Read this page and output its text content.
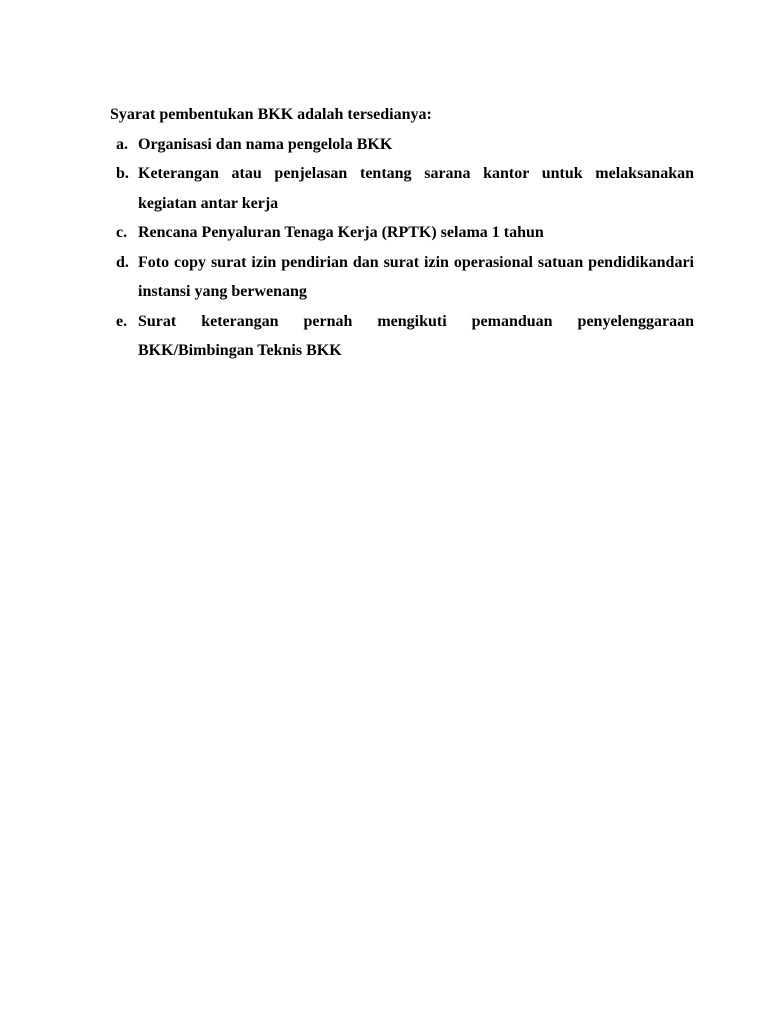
Syarat pembentukan BKK adalah tersedianya:

a. Organisasi dan nama pengelola BKK
b. Keterangan atau penjelasan tentang sarana kantor untuk melaksanakan kegiatan antar kerja
c. Rencana Penyaluran Tenaga Kerja (RPTK) selama 1 tahun
d. Foto copy surat izin pendirian dan surat izin operasional satuan pendidikandari instansi yang berwenang
e. Surat keterangan pernah mengikuti pemanduan penyelenggaraan BKK/Bimbingan Teknis BKK
